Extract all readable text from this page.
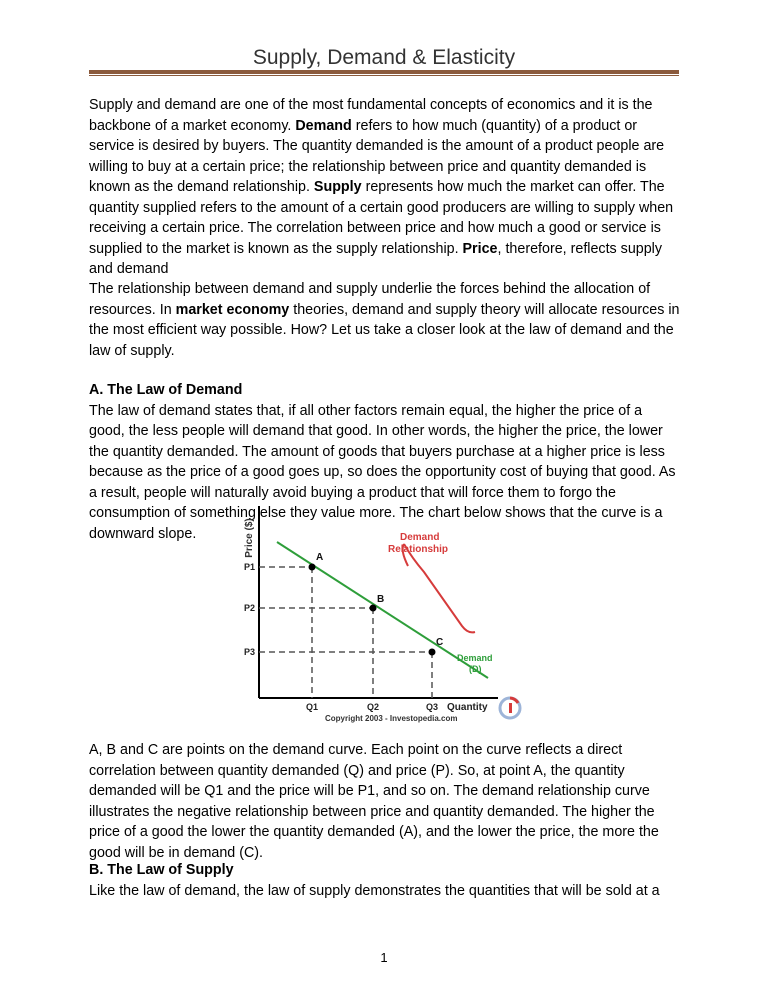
Supply, Demand & Elasticity

Supply and demand are one of the most fundamental concepts of economics and it is the backbone of a market economy. Demand refers to how much (quantity) of a product or service is desired by buyers. The quantity demanded is the amount of a product people are willing to buy at a certain price; the relationship between price and quantity demanded is known as the demand relationship. Supply represents how much the market can offer. The quantity supplied refers to the amount of a certain good producers are willing to supply when receiving a certain price. The correlation between price and how much a good or service is supplied to the market is known as the supply relationship. Price, therefore, reflects supply and demand

The relationship between demand and supply underlie the forces behind the allocation of resources. In market economy theories, demand and supply theory will allocate resources in the most efficient way possible. How? Let us take a closer look at the law of demand and the law of supply.

A. The Law of Demand
The law of demand states that, if all other factors remain equal, the higher the price of a good, the less people will demand that good. In other words, the higher the price, the lower the quantity demanded. The amount of goods that buyers purchase at a higher price is less because as the price of a good goes up, so does the opportunity cost of buying that good. As a result, people will naturally avoid buying a product that will force them to forgo the consumption of something else they value more. The chart below shows that the curve is a downward slope.	Price ($)	A
B
C
P1
P2
P3
Q1	Q2	Q3 Quantity
Demand
Relationship
Demand
(D)
Copyright 2003 - Investopedia.com

A, B and C are points on the demand curve. Each point on the curve reflects a direct correlation between quantity demanded (Q) and price (P). So, at point A, the quantity demanded will be Q1 and the price will be P1, and so on. The demand relationship curve illustrates the negative relationship between price and quantity demanded. The higher the price of a good the lower the quantity demanded (A), and the lower the price, the more the good will be in demand (C).

B. The Law of Supply
Like the law of demand, the law of supply demonstrates the quantities that will be sold at a
1
